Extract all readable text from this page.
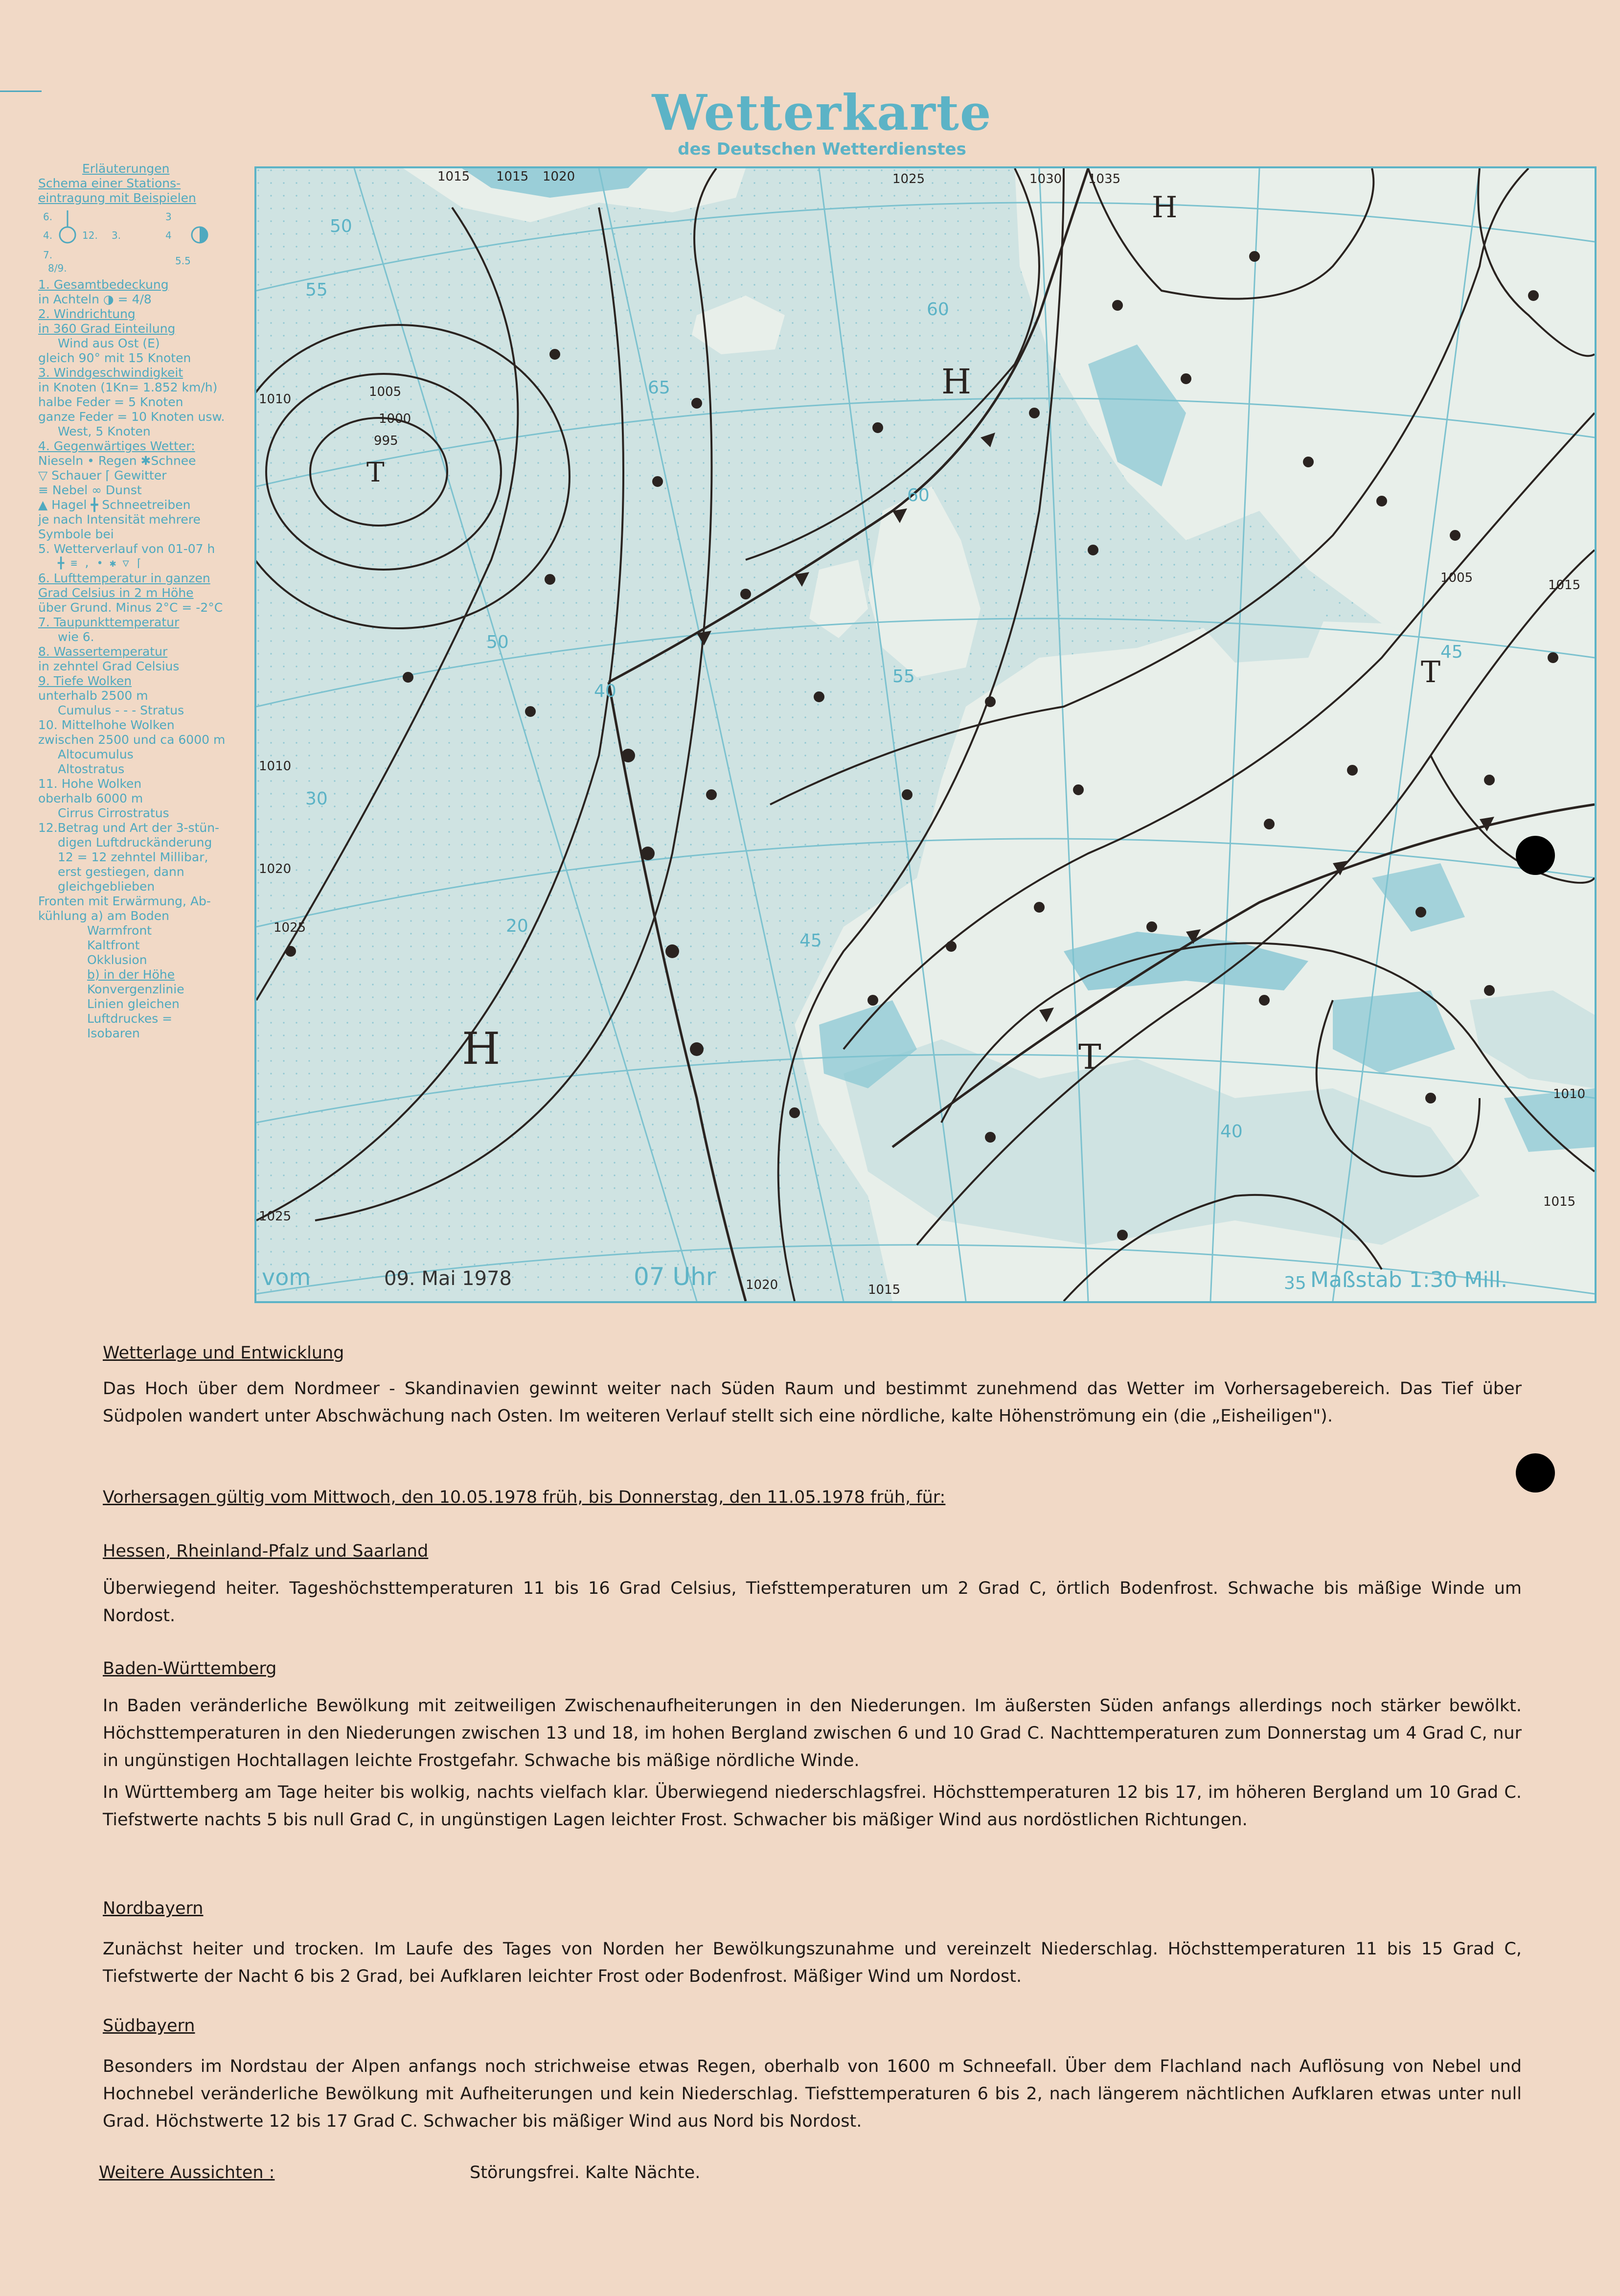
Wetterkarte
des Deutschen Wetterdienstes
Erläuterungen
Schema einer Stations-
eintragung mit Beispielen
6.
4.
7.
12. 3.
3
4
5.5
8/9.
1. Gesamtbedeckung
in Achteln ◑ = 4/8
2. Windrichtung
in 360 Grad Einteilung
Wind aus Ost (E)
gleich 90° mit 15 Knoten
3. Windgeschwindigkeit
in Knoten (1Kn= 1.852 km/h)
halbe Feder = 5 Knoten
ganze Feder = 10 Knoten usw.
West, 5 Knoten
4. Gegenwärtiges Wetter:
Nieseln • Regen ✱Schnee
▽ Schauer ⌈⁠ Gewitter
≡ Nebel ∞ Dunst
▲ Hagel ╋ Schneetreiben
je nach Intensität mehrere
Symbole bei
5. Wetterverlauf von 01-07 h
╋ ≡ , • ✱ ▽ ⌈
6. Lufttemperatur in ganzen
Grad Celsius in 2 m Höhe
über Grund. Minus 2°C = -2°C
7. Taupunkttemperatur
wie 6.
8. Wassertemperatur
in zehntel Grad Celsius
9. Tiefe Wolken
unterhalb 2500 m
Cumulus - - - Stratus
10. Mittelhohe Wolken
zwischen 2500 und ca 6000 m
Altocumulus
Altostratus
11. Hohe Wolken
oberhalb 6000 m
Cirrus Cirrostratus
12.Betrag und Art der 3-stün-
digen Luftdruckänderung
12 = 12 zehntel Millibar,
erst gestiegen, dann
gleichgeblieben
Fronten mit Erwärmung, Ab-
kühlung a) am Boden
Warmfront
Kaltfront
Okklusion
b) in der Höhe
Konvergenzlinie
Linien gleichen
Luftdruckes =
Isobaren
H
H
H
T
T
T
1015 1015 1020	1030 1035
1025
1010	1005
1000
995
1010
1020
1025
1015
1005
1010
1015
1025
1020	1015
50
55
60
65
60
55
50
45
40
35
30
20
40
45
vom	09. Mai 1978	07 Uhr	Maßstab 1:30 Mill.
Wetterlage und Entwicklung
Das Hoch über dem Nordmeer - Skandinavien gewinnt weiter nach Süden Raum und bestimmt zunehmend das Wetter im Vorhersagebereich. Das Tief über Südpolen wandert unter Abschwächung nach Osten. Im weiteren Verlauf stellt sich eine nördliche, kalte Höhenströmung ein (die „Eisheiligen").
Vorhersagen gültig vom Mittwoch, den 10.05.1978 früh, bis Donnerstag, den 11.05.1978 früh, für:
Hessen, Rheinland-Pfalz und Saarland
Überwiegend heiter. Tageshöchsttemperaturen 11 bis 16 Grad Celsius, Tiefsttemperaturen um 2 Grad C, örtlich Bodenfrost. Schwache bis mäßige Winde um Nordost.
Baden-Württemberg
In Baden veränderliche Bewölkung mit zeitweiligen Zwischenaufheiterungen in den Niederungen. Im äußersten Süden anfangs allerdings noch stärker bewölkt. Höchsttemperaturen in den Niederungen zwischen 13 und 18, im hohen Bergland zwischen 6 und 10 Grad C. Nachttemperaturen zum Donnerstag um 4 Grad C, nur in ungünstigen Hochtallagen leichte Frostgefahr. Schwache bis mäßige nördliche Winde.
In Württemberg am Tage heiter bis wolkig, nachts vielfach klar. Überwiegend niederschlagsfrei. Höchsttemperaturen 12 bis 17, im höheren Bergland um 10 Grad C. Tiefstwerte nachts 5 bis null Grad C, in ungünstigen Lagen leichter Frost. Schwacher bis mäßiger Wind aus nordöstlichen Richtungen.
Nordbayern
Zunächst heiter und trocken. Im Laufe des Tages von Norden her Bewölkungszunahme und vereinzelt Niederschlag. Höchsttemperaturen 11 bis 15 Grad C, Tiefstwerte der Nacht 6 bis 2 Grad, bei Aufklaren leichter Frost oder Bodenfrost. Mäßiger Wind um Nordost.
Südbayern
Besonders im Nordstau der Alpen anfangs noch strichweise etwas Regen, oberhalb von 1600 m Schneefall. Über dem Flachland nach Auflösung von Nebel und Hochnebel veränderliche Bewölkung mit Aufheiterungen und kein Niederschlag. Tiefsttemperaturen 6 bis 2, nach längerem nächtlichen Aufklaren etwas unter null Grad. Höchstwerte 12 bis 17 Grad C. Schwacher bis mäßiger Wind aus Nord bis Nordost.
Weitere Aussichten :	Störungsfrei. Kalte Nächte.
